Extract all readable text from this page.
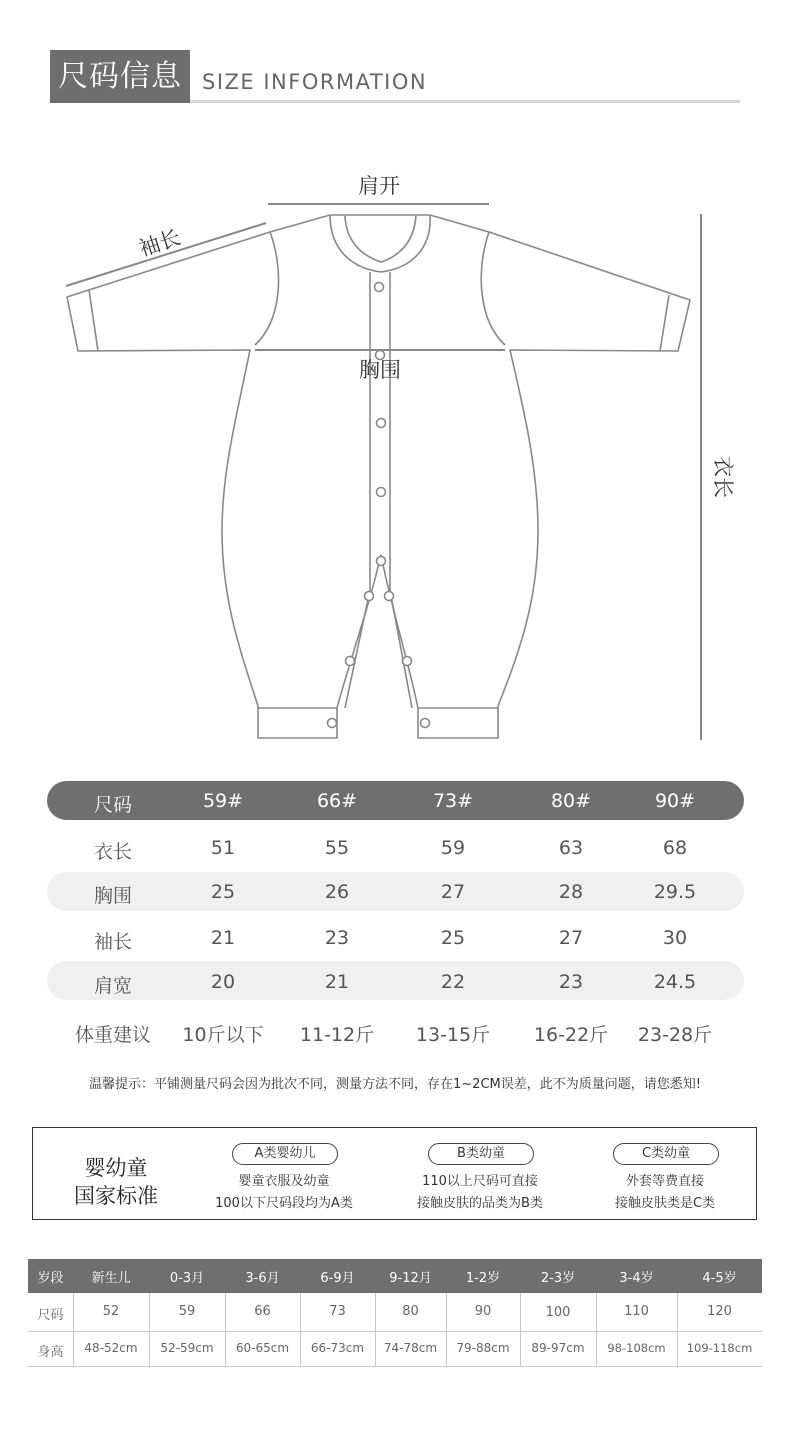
尺码信息 SIZE INFORMATION
肩开
袖长
胸围
衣长
尺码	59#	66#	73#	80#	90#
衣长	51	55	59	63	68
胸围	25	26	27	28	29.5
袖长	21	23	25	27	30
肩宽	20	21	22	23	24.5
体重建议	10斤以下	11-12斤	13-15斤	16-22斤	23-28斤
温馨提示：平铺测量尺码会因为批次不同，测量方法不同，存在1~2CM误差，此不为质量问题，请您悉知!
婴幼童
国家标准
A类婴幼儿
婴童衣服及幼童
100以下尺码段均为A类
B类幼童
110以上尺码可直接
接触皮肤的品类为B类
C类幼童
外套等费直接
接触皮肤类是C类
岁段	新生儿	0-3月	3-6月	6-9月	9-12月	1-2岁	2-3岁	3-4岁	4-5岁
尺码	52	59	66	73	80	90	100	110	120
身高	48-52cm	52-59cm	60-65cm	66-73cm	74-78cm	79-88cm	89-97cm	98-108cm	109-118cm
